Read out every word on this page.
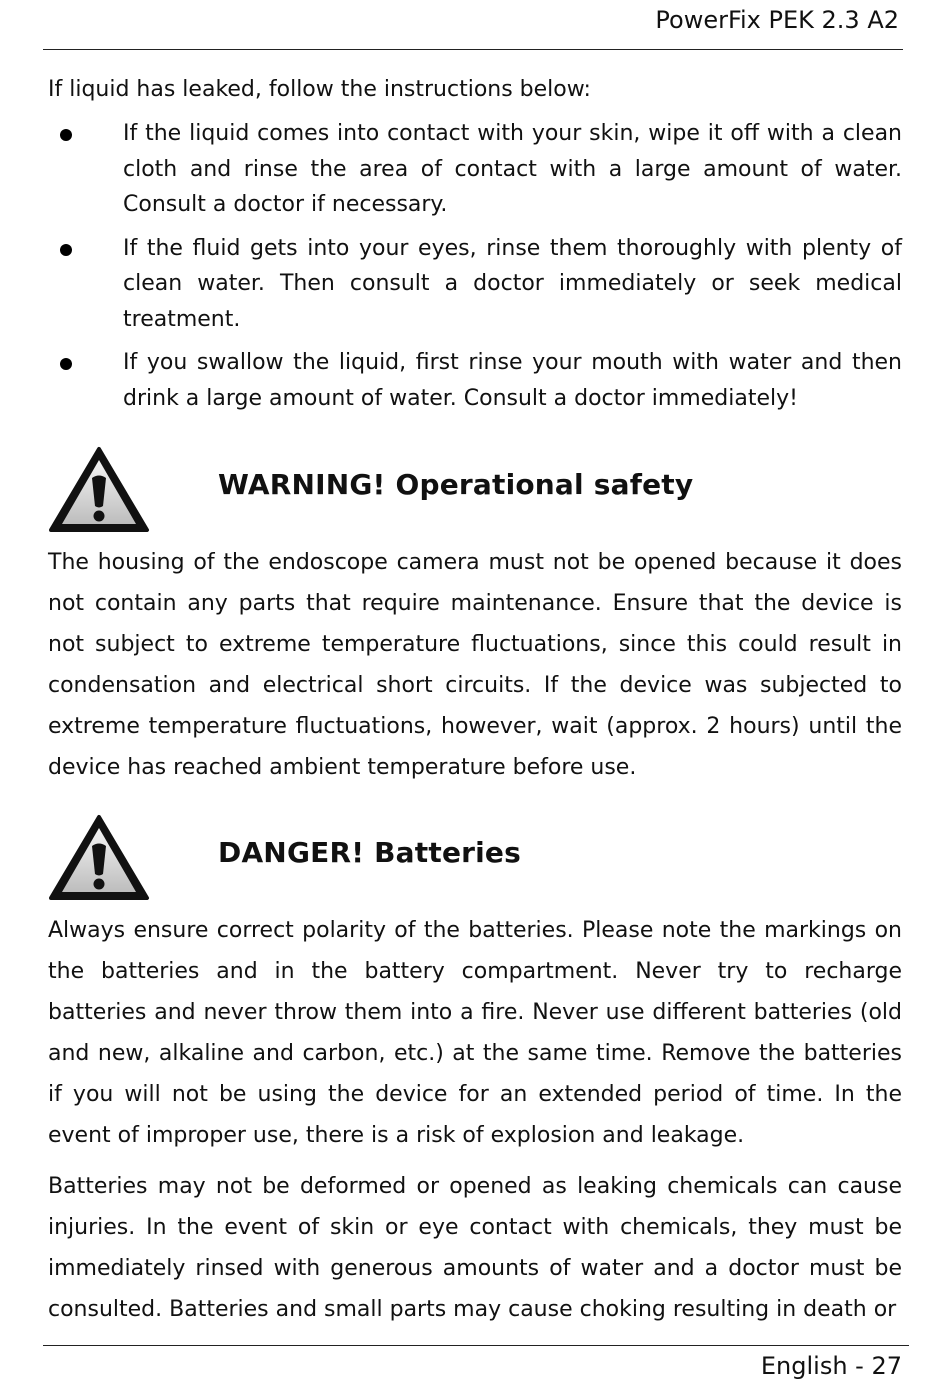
PowerFix PEK 2.3 A2

If liquid has leaked, follow the instructions below:

If the liquid comes into contact with your skin, wipe it off with a clean cloth and rinse the area of contact with a large amount of water. Consult a doctor if necessary.
If the fluid gets into your eyes, rinse them thoroughly with plenty of clean water. Then consult a doctor immediately or seek medical treatment.
If you swallow the liquid, first rinse your mouth with water and then drink a large amount of water. Consult a doctor immediately!
WARNING! Operational safety

The housing of the endoscope camera must not be opened because it does not contain any parts that require maintenance. Ensure that the device is not subject to extreme temperature fluctuations, since this could result in condensation and electrical short circuits. If the device was subjected to extreme temperature fluctuations, however, wait (approx. 2 hours) until the device has reached ambient temperature before use.

DANGER! Batteries

Always ensure correct polarity of the batteries. Please note the markings on the batteries and in the battery compartment. Never try to recharge batteries and never throw them into a fire. Never use different batteries (old and new, alkaline and carbon, etc.) at the same time. Remove the batteries if you will not be using the device for an extended period of time. In the event of improper use, there is a risk of explosion and leakage.

Batteries may not be deformed or opened as leaking chemicals can cause injuries. In the event of skin or eye contact with chemicals, they must be immediately rinsed with generous amounts of water and a doctor must be consulted. Batteries and small parts may cause choking resulting in death or

English - 27
